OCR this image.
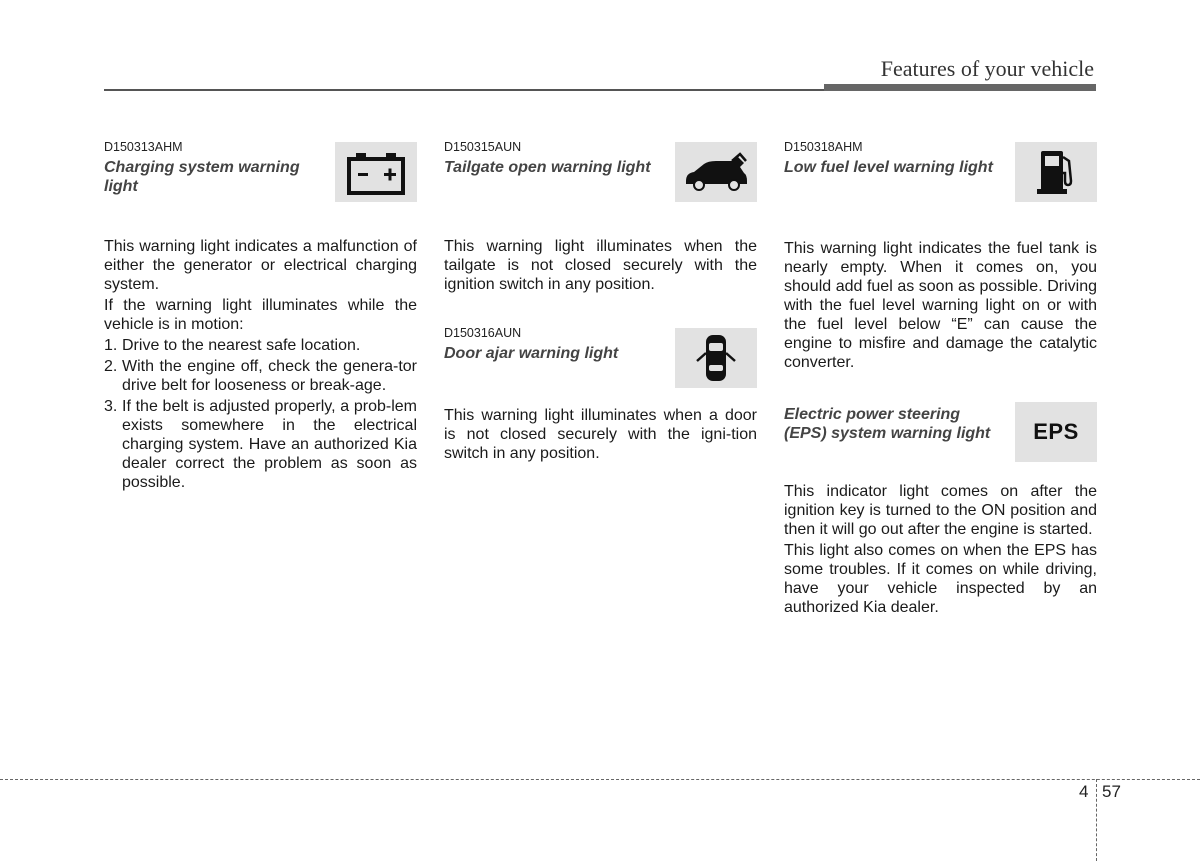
Features of your vehicle
D150313AHM
Charging system warning light

This warning light indicates a malfunction of either the generator or electrical charging system.

If the warning light illuminates while the vehicle is in motion:

1. Drive to the nearest safe location.
2. With the engine off, check the genera-tor drive belt for looseness or break-age.
3. If the belt is adjusted properly, a prob-lem exists somewhere in the electrical charging system. Have an authorized Kia dealer correct the problem as soon as possible.
D150315AUN
Tailgate open warning light

This warning light illuminates when the tailgate is not closed securely with the ignition switch in any position.

D150316AUN
Door ajar warning light

This warning light illuminates when a door is not closed securely with the igni-tion switch in any position.

D150318AHM
Low fuel level warning light

This warning light indicates the fuel tank is nearly empty. When it comes on, you should add fuel as soon as possible. Driving with the fuel level warning light on or with the fuel level below “E” can cause the engine to misfire and damage the catalytic converter.

Electric power steering (EPS) system warning light	EPS

This indicator light comes on after the ignition key is turned to the ON position and then it will go out after the engine is started.

This light also comes on when the EPS has some troubles. If it comes on while driving, have your vehicle inspected by an authorized Kia dealer.

4 57
